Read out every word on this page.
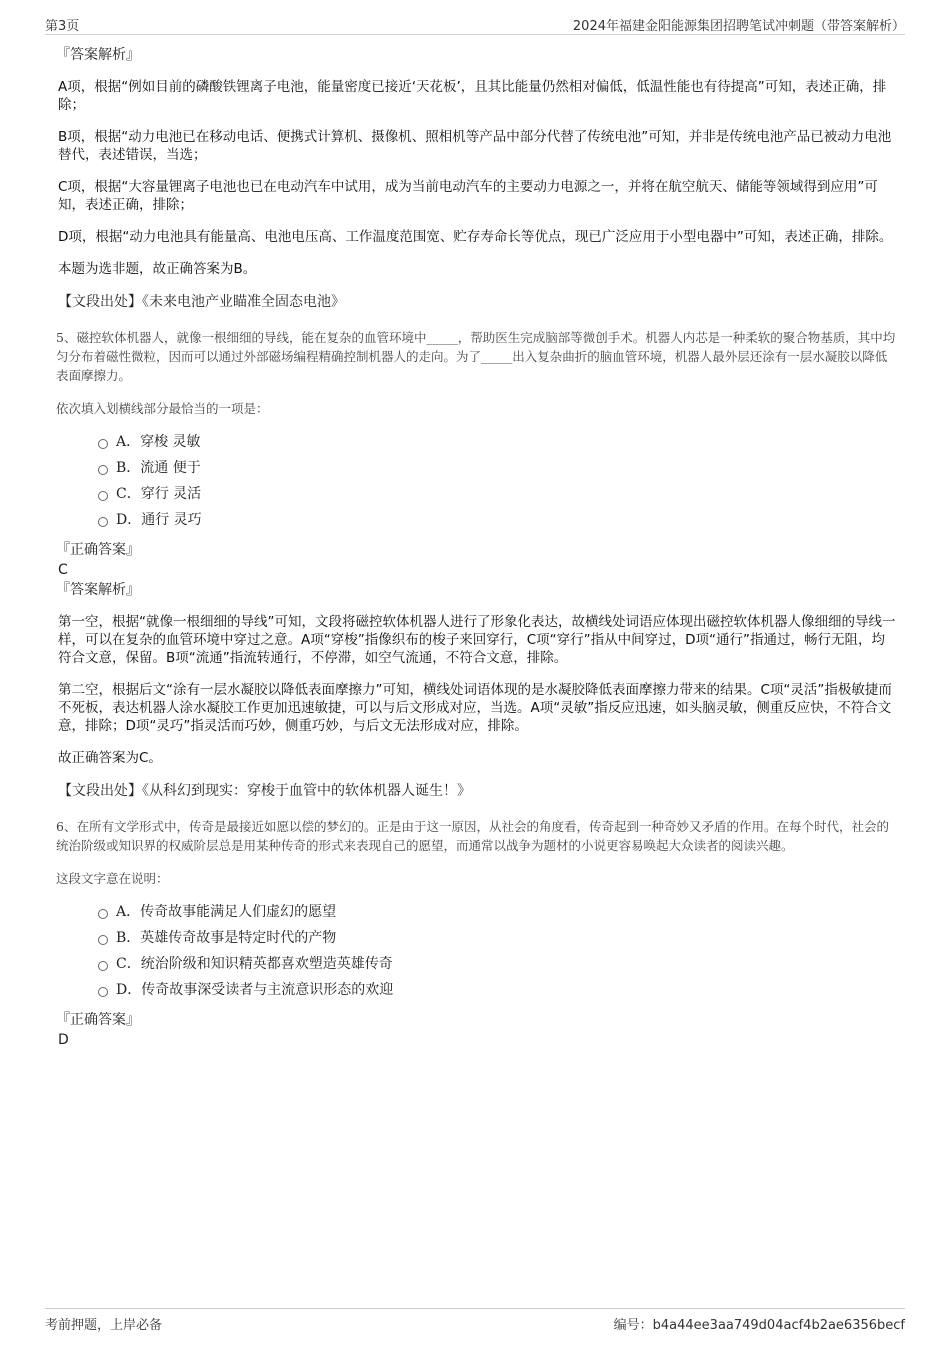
第3页	2024年福建金阳能源集团招聘笔试冲刺题（带答案解析）

『答案解析』

A项，根据“例如目前的磷酸铁锂离子电池，能量密度已接近‘天花板’，且其比能量仍然相对偏低，低温性能也有待提高”可知，表述正确，排除；

B项，根据“动力电池已在移动电话、便携式计算机、摄像机、照相机等产品中部分代替了传统电池”可知，并非是传统电池产品已被动力电池替代，表述错误，当选；

C项，根据“大容量锂离子电池也已在电动汽车中试用，成为当前电动汽车的主要动力电源之一，并将在航空航天、储能等领域得到应用”可知，表述正确，排除；

D项，根据“动力电池具有能量高、电池电压高、工作温度范围宽、贮存寿命长等优点，现已广泛应用于小型电器中”可知，表述正确，排除。

本题为选非题，故正确答案为B。

【文段出处】《未来电池产业瞄准全固态电池》

5、磁控软体机器人，就像一根细细的导线，能在复杂的血管环境中_____，帮助医生完成脑部等微创手术。机器人内芯是一种柔软的聚合物基质，其中均匀分布着磁性微粒，因而可以通过外部磁场编程精确控制机器人的走向。为了_____出入复杂曲折的脑血管环境，机器人最外层还涂有一层水凝胶以降低表面摩擦力。

依次填入划横线部分最恰当的一项是：

A．穿梭 灵敏
B．流通 便于
C．穿行 灵活
D．通行 灵巧

『正确答案』

C

『答案解析』

第一空，根据“就像一根细细的导线”可知，文段将磁控软体机器人进行了形象化表达，故横线处词语应体现出磁控软体机器人像细细的导线一样，可以在复杂的血管环境中穿过之意。A项“穿梭”指像织布的梭子来回穿行，C项“穿行”指从中间穿过，D项“通行”指通过，畅行无阻，均符合文意，保留。B项“流通”指流转通行，不停滞，如空气流通，不符合文意，排除。

第二空，根据后文“涂有一层水凝胶以降低表面摩擦力”可知，横线处词语体现的是水凝胶降低表面摩擦力带来的结果。C项“灵活”指极敏捷而不死板，表达机器人涂水凝胶工作更加迅速敏捷，可以与后文形成对应，当选。A项“灵敏”指反应迅速，如头脑灵敏，侧重反应快，不符合文意，排除；D项“灵巧”指灵活而巧妙，侧重巧妙，与后文无法形成对应，排除。

故正确答案为C。

【文段出处】《从科幻到现实：穿梭于血管中的软体机器人诞生！》

6、在所有文学形式中，传奇是最接近如愿以偿的梦幻的。正是由于这一原因，从社会的角度看，传奇起到一种奇妙又矛盾的作用。在每个时代，社会的统治阶级或知识界的权威阶层总是用某种传奇的形式来表现自己的愿望，而通常以战争为题材的小说更容易唤起大众读者的阅读兴趣。

这段文字意在说明：

A．传奇故事能满足人们虚幻的愿望
B．英雄传奇故事是特定时代的产物
C．统治阶级和知识精英都喜欢塑造英雄传奇
D．传奇故事深受读者与主流意识形态的欢迎

『正确答案』

D

考前押题，上岸必备	编号：b4a44ee3aa749d04acf4b2ae6356becf
